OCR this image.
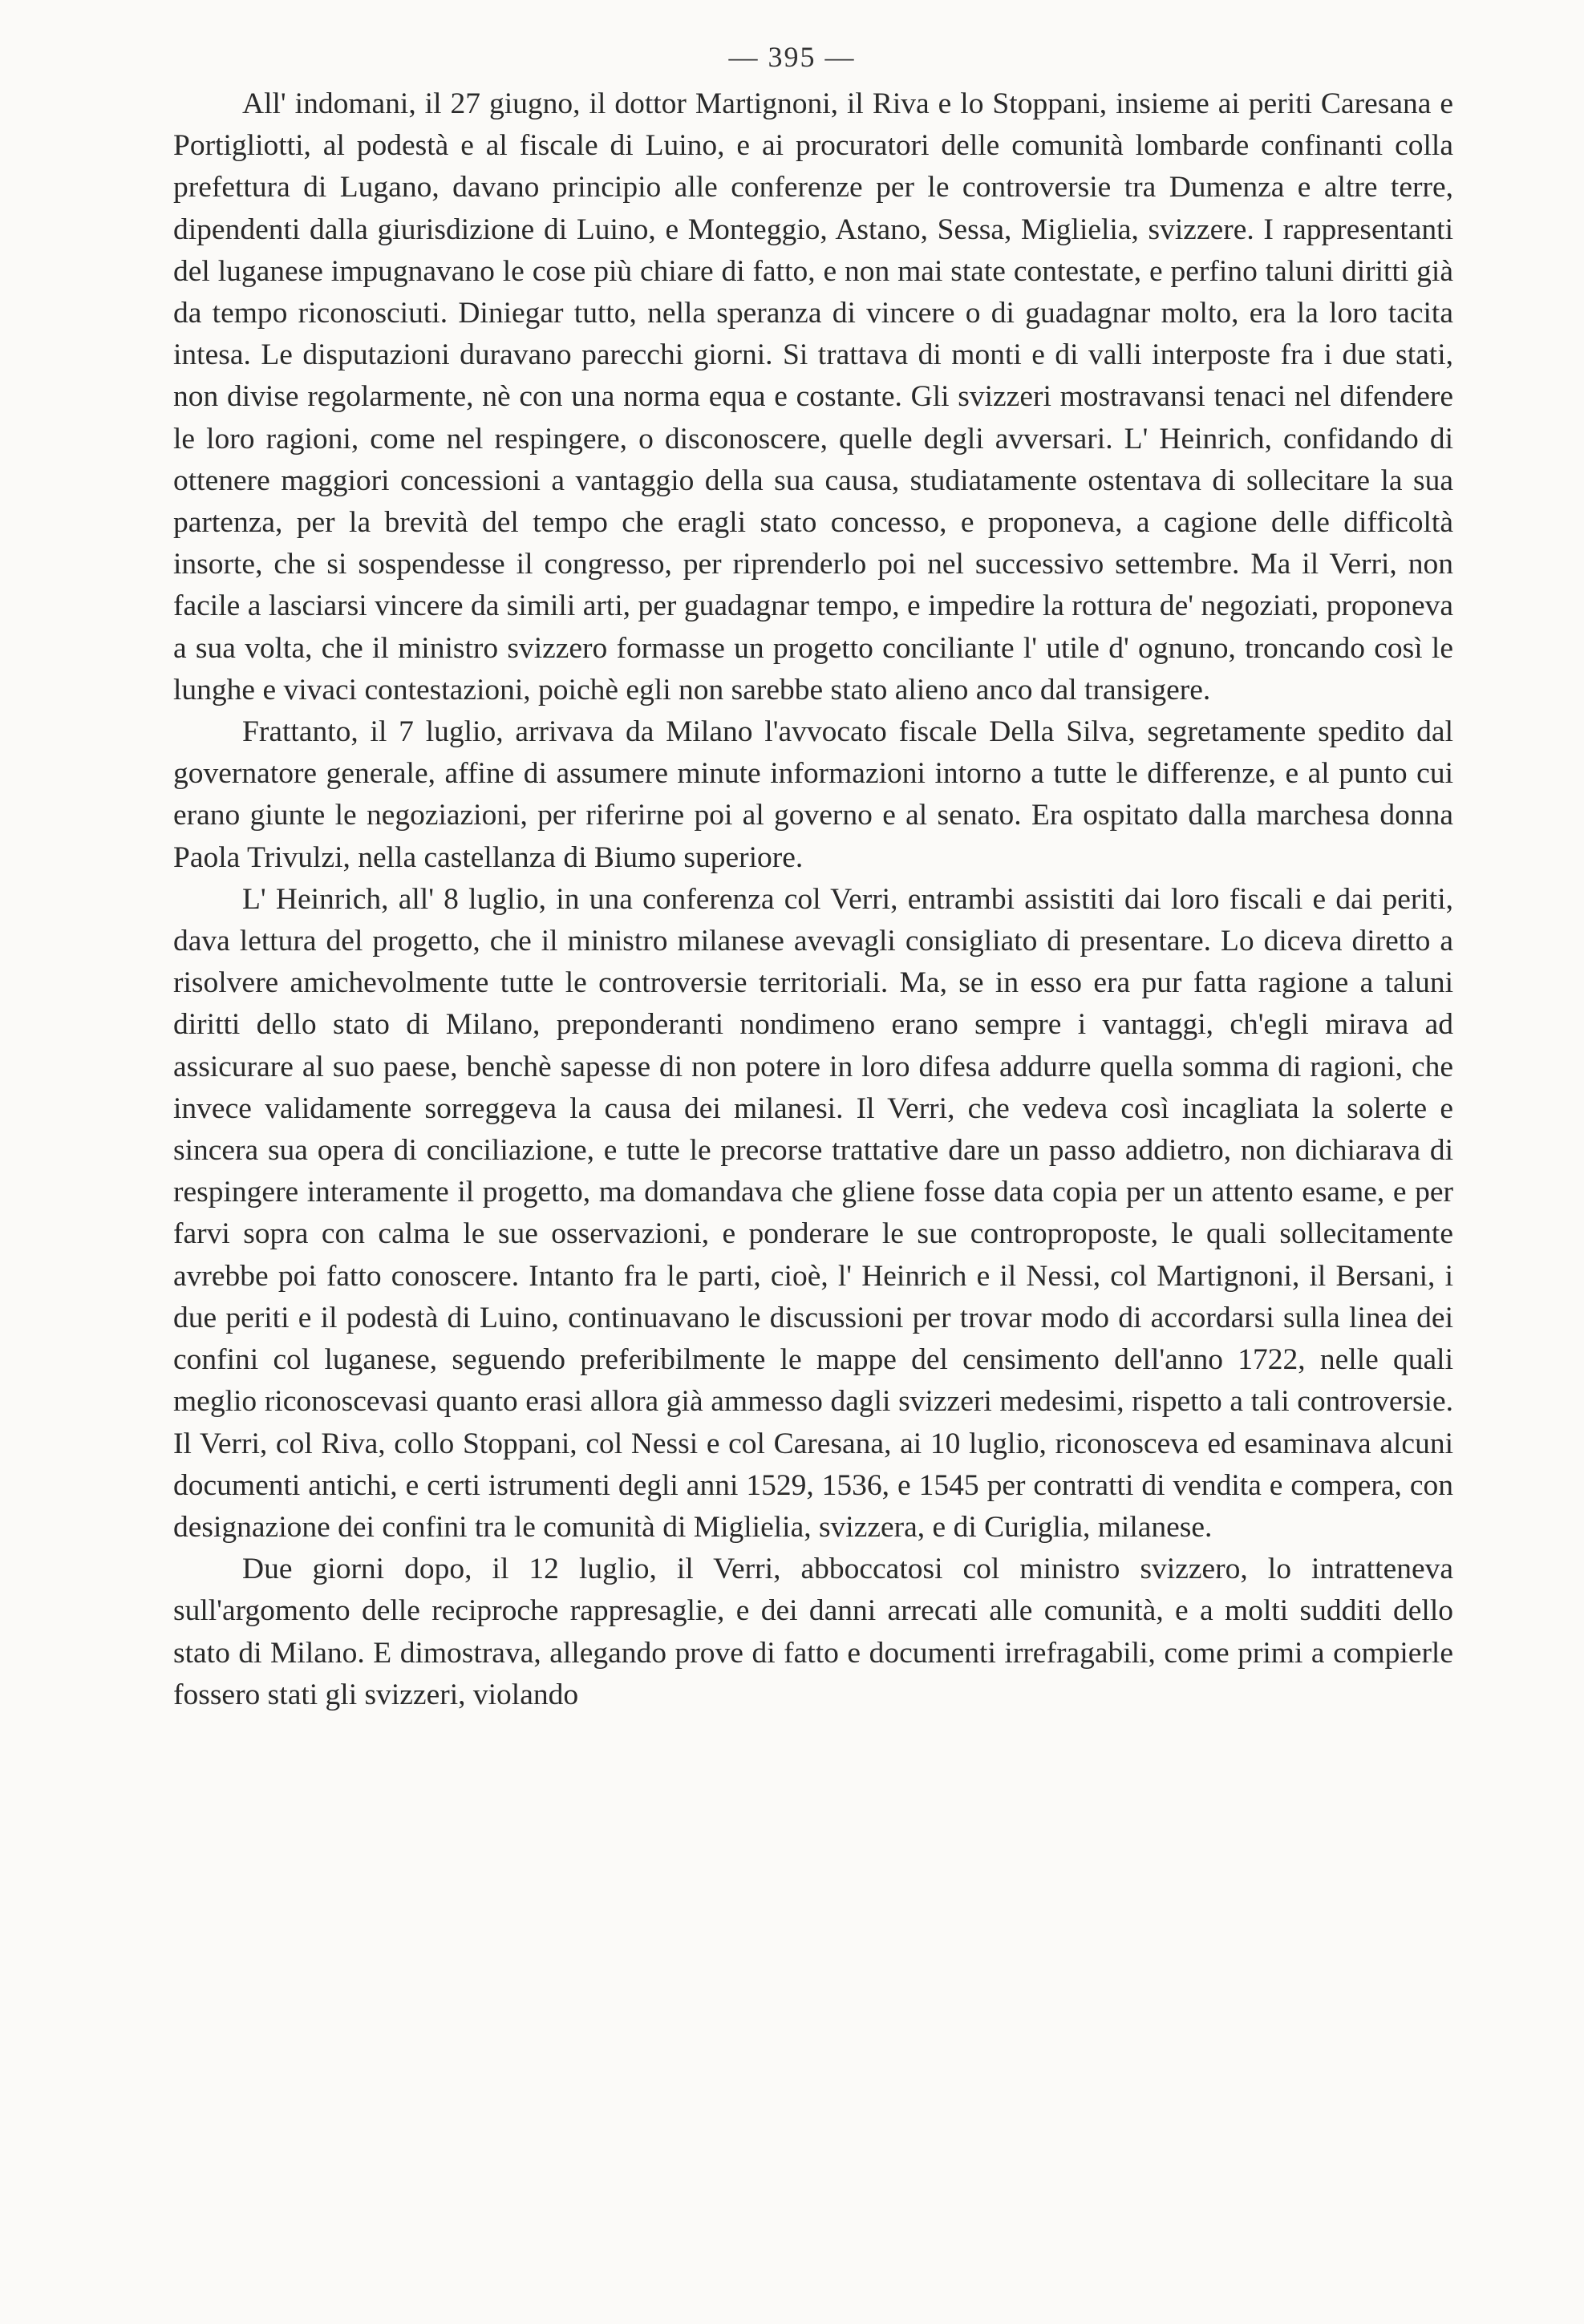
— 395 —

All' indomani, il 27 giugno, il dottor Martignoni, il Riva e lo Stoppani, insieme ai periti Caresana e Portigliotti, al podestà e al fiscale di Luino, e ai procuratori delle comunità lombarde confinanti colla prefettura di Lugano, davano principio alle conferenze per le controversie tra Dumenza e altre terre, dipendenti dalla giurisdizione di Luino, e Monteggio, Astano, Sessa, Miglielia, svizzere. I rappresentanti del luganese impugnavano le cose più chiare di fatto, e non mai state contestate, e perfino taluni diritti già da tempo riconosciuti. Diniegar tutto, nella speranza di vincere o di guadagnar molto, era la loro tacita intesa. Le disputazioni duravano parecchi giorni. Si trattava di monti e di valli interposte fra i due stati, non divise regolarmente, nè con una norma equa e costante. Gli svizzeri mostravansi tenaci nel difendere le loro ragioni, come nel respingere, o disconoscere, quelle degli avversari. L' Heinrich, confidando di ottenere maggiori concessioni a vantaggio della sua causa, studiatamente ostentava di sollecitare la sua partenza, per la brevità del tempo che eragli stato concesso, e proponeva, a cagione delle difficoltà insorte, che si sospendesse il congresso, per riprenderlo poi nel successivo settembre. Ma il Verri, non facile a lasciarsi vincere da simili arti, per guadagnar tempo, e impedire la rottura de' negoziati, proponeva a sua volta, che il ministro svizzero formasse un progetto conciliante l' utile d' ognuno, troncando così le lunghe e vivaci contestazioni, poichè egli non sarebbe stato alieno anco dal transigere.

Frattanto, il 7 luglio, arrivava da Milano l'avvocato fiscale Della Silva, segretamente spedito dal governatore generale, affine di assumere minute informazioni intorno a tutte le differenze, e al punto cui erano giunte le negoziazioni, per riferirne poi al governo e al senato. Era ospitato dalla marchesa donna Paola Trivulzi, nella castellanza di Biumo superiore.

L' Heinrich, all' 8 luglio, in una conferenza col Verri, entrambi assistiti dai loro fiscali e dai periti, dava lettura del progetto, che il ministro milanese avevagli consigliato di presentare. Lo diceva diretto a risolvere amichevolmente tutte le controversie territoriali. Ma, se in esso era pur fatta ragione a taluni diritti dello stato di Milano, preponderanti nondimeno erano sempre i vantaggi, ch'egli mirava ad assicurare al suo paese, benchè sapesse di non potere in loro difesa addurre quella somma di ragioni, che invece validamente sorreggeva la causa dei milanesi. Il Verri, che vedeva così incagliata la solerte e sincera sua opera di conciliazione, e tutte le precorse trattative dare un passo addietro, non dichiarava di respingere interamente il progetto, ma domandava che gliene fosse data copia per un attento esame, e per farvi sopra con calma le sue osservazioni, e ponderare le sue controproposte, le quali sollecitamente avrebbe poi fatto conoscere. Intanto fra le parti, cioè, l' Heinrich e il Nessi, col Martignoni, il Bersani, i due periti e il podestà di Luino, continuavano le discussioni per trovar modo di accordarsi sulla linea dei confini col luganese, seguendo preferibilmente le mappe del censimento dell'anno 1722, nelle quali meglio riconoscevasi quanto erasi allora già ammesso dagli svizzeri medesimi, rispetto a tali controversie. Il Verri, col Riva, collo Stoppani, col Nessi e col Caresana, ai 10 luglio, riconosceva ed esaminava alcuni documenti antichi, e certi istrumenti degli anni 1529, 1536, e 1545 per contratti di vendita e compera, con designazione dei confini tra le comunità di Miglielia, svizzera, e di Curiglia, milanese.

Due giorni dopo, il 12 luglio, il Verri, abboccatosi col ministro svizzero, lo intratteneva sull'argomento delle reciproche rappresaglie, e dei danni arrecati alle comunità, e a molti sudditi dello stato di Milano. E dimostrava, allegando prove di fatto e documenti irrefragabili, come primi a compierle fossero stati gli svizzeri, violando
